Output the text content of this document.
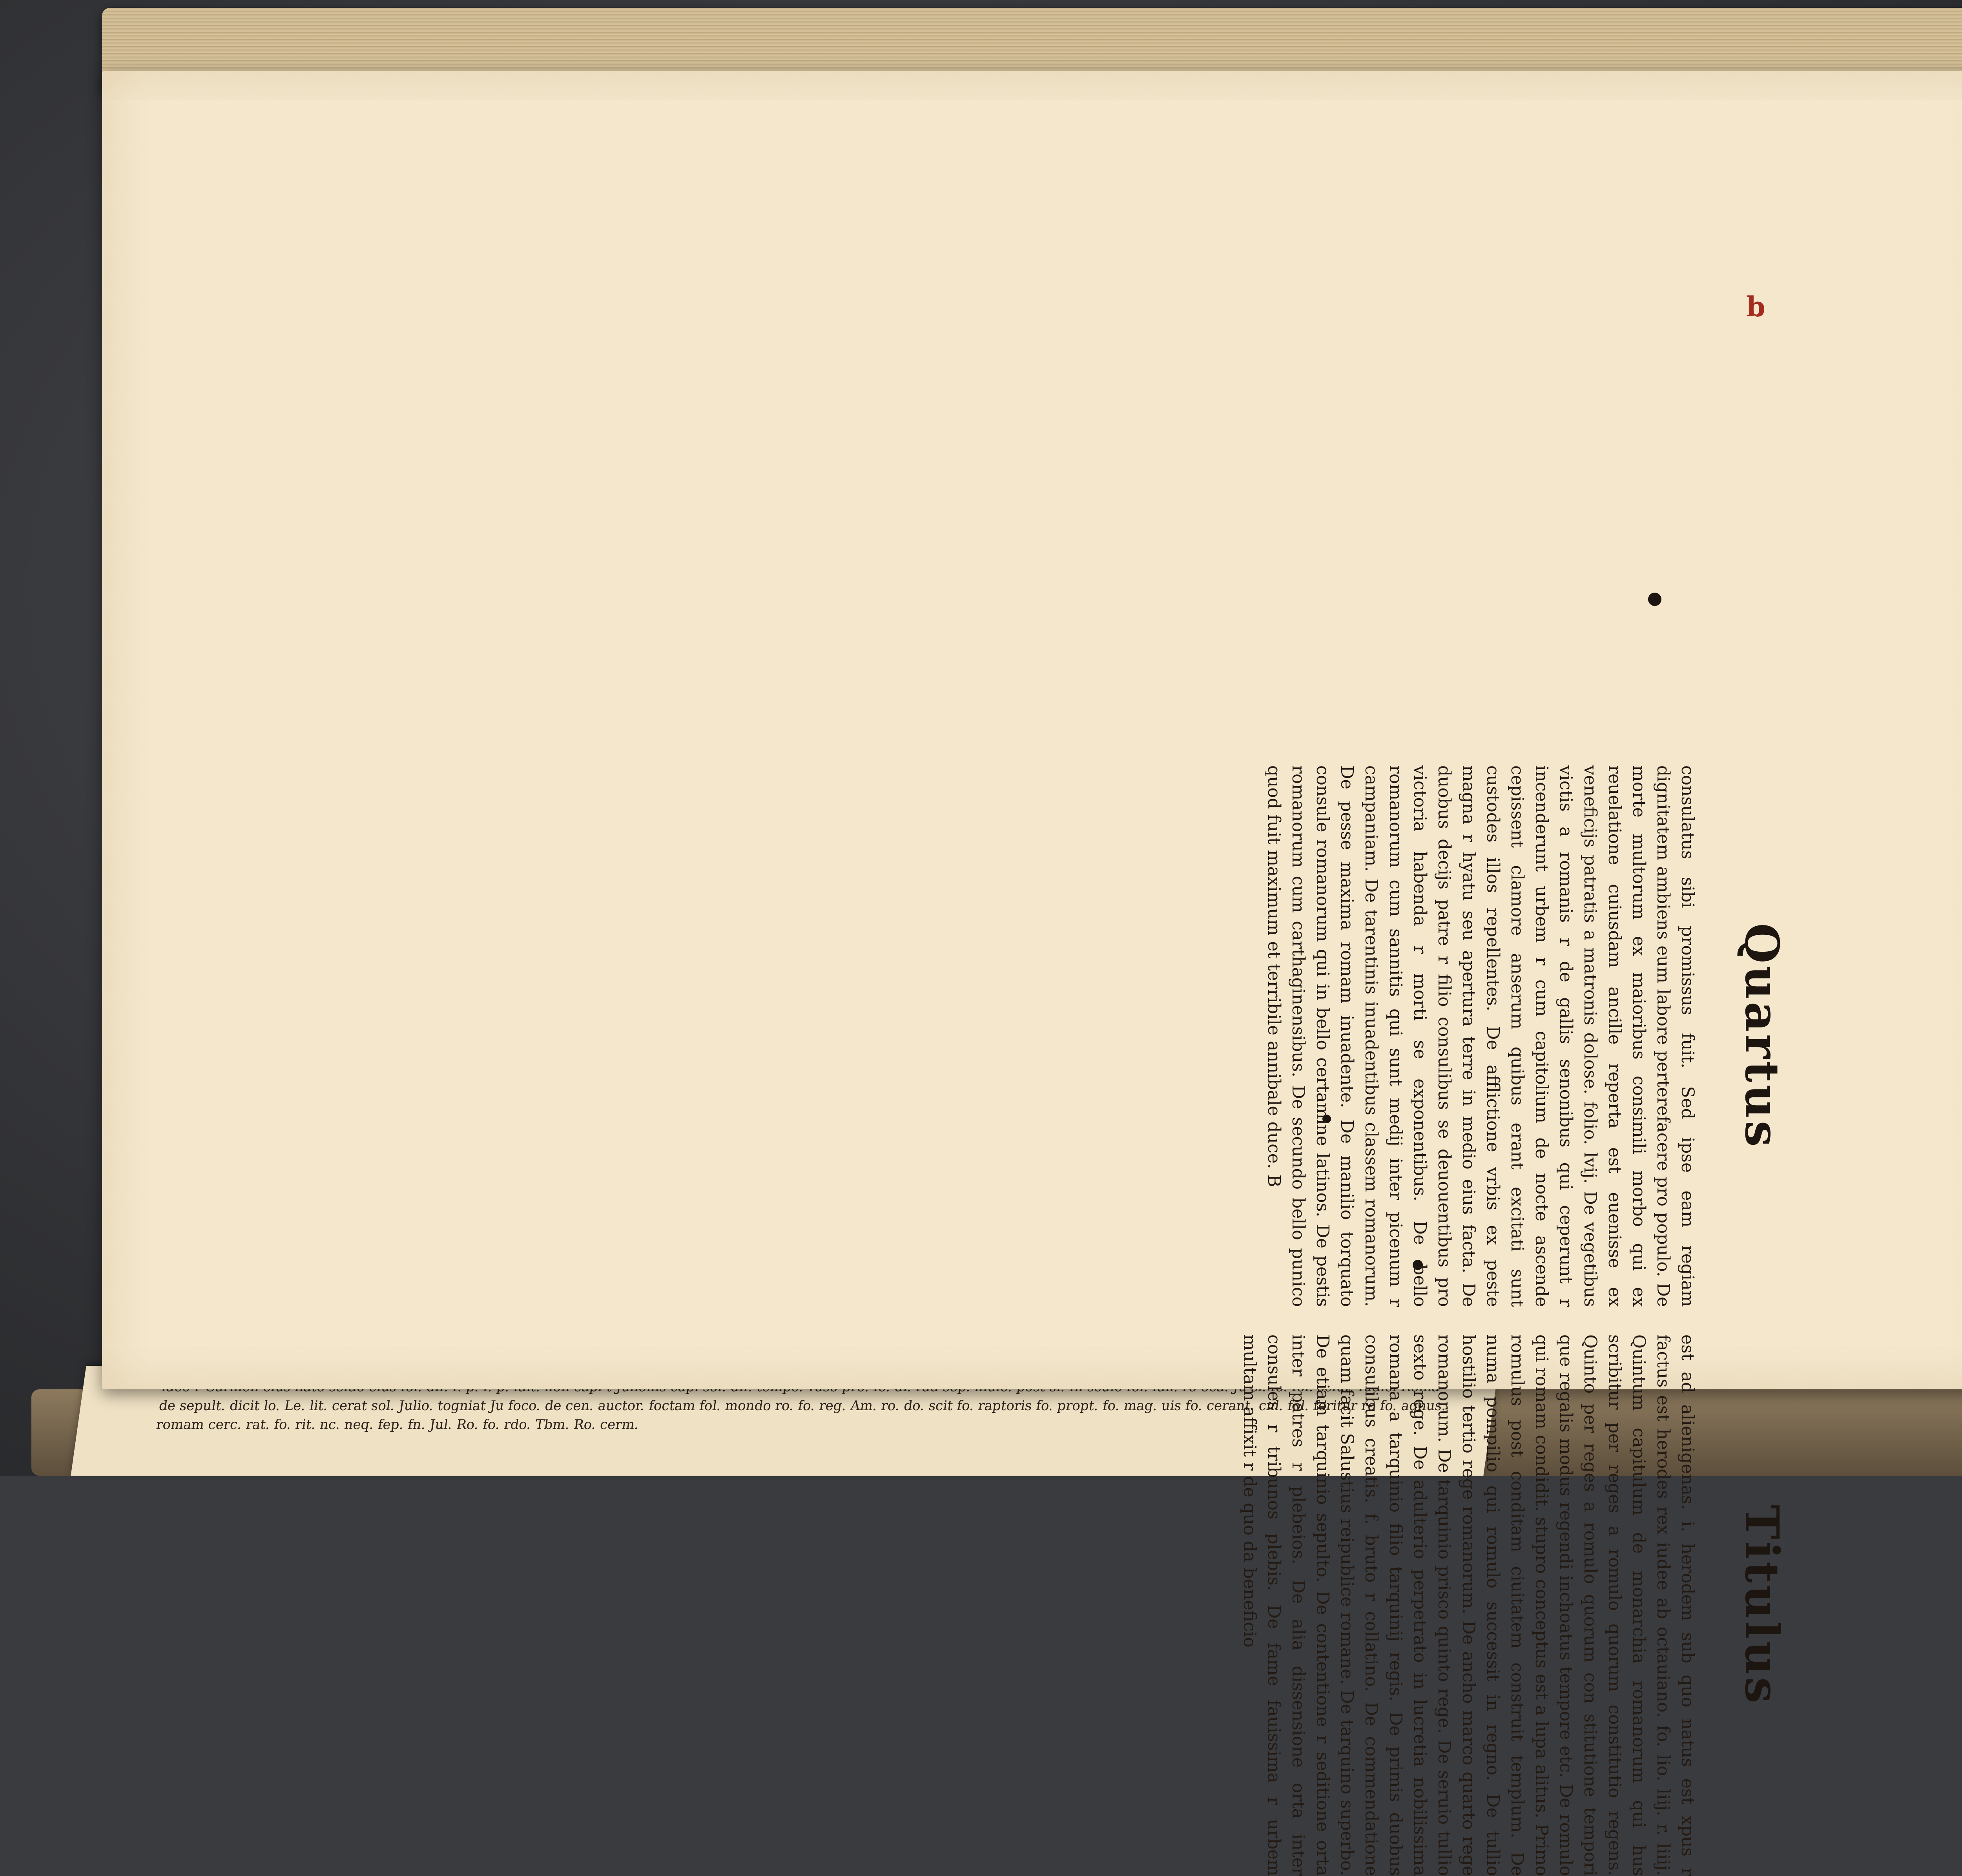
de sepult. dicit lo. Le. lit. cerat sol. Julio. togniat Ju foco. de cen. auctor. foctam fol. mondo ro. fo. reg. Am. ro. do. scit fo. raptoris fo. propt. fo. mag. uis fo. cerant. cnl. fol. feritur ro fo. agnus. romam cerc. rat. fo. rit. nc. neq. fep. fn. Jul. Ro. fo. rdo. Tbm. Ro. cerm.
Titulus

est ad alienigenas. i. herodem sub quo natus est xpus r factus est herodes rex iudee ab octauiano. fo. lio. liij. r. liiij. Quintum capitulum de monarchia romanorum qui hus scribitur per reges a romulo quorum constitutio regens. Quinto per reges a romulo quorum con stitutione tempori que regalis modus regendi inchoatus tempore etc. De romulo qui romam condidit. stupro conceptus est a lupa alitus. Primo romulus post conditam ciuitatem construit templum. De numa pompilio qui romulo successit in regno. De tullio hostilio tertio rege romanorum. De ancho marco quarto rege romanorum. De tarquinio prisco quinto rege. De seruio tullio sexto rege. De adulterio perpetrato in lucretia nobilissima romana a tarquinio filio tarquinij regis. De primis duobus consulibus creatis. f. bruto r collatino. De commendatione quam facit Salustius reipublice romane. De tarquino superbo. De etiam tarquinio sepulto. De contentione r seditione orta inter patres r plebeios. De alia dissensione orta inter consules r tribunos plebis. De fame fauissima r urbem multam affixit r de quo da beneficio

Quartus

consulatus sibi promissus fuit. Sed ipse eam regiam dignitatem ambiens eum labore perterefacere pro populo. De morte multorum ex maioribus consimili morbo qui ex reuelatione cuiusdam ancille reperta est euenisse ex veneficijs patratis a matronis dolose. folio. lvij. De vegetibus victis a romanis r de gallis senonibus qui ceperunt r incenderunt urbem r cum capitolium de nocte ascende cepissent clamore anserum quibus erant excitati sunt custodes illos repellentes. De afflictione vrbis ex peste magna r hyatu seu apertura terre in medio eius facta. De duobus decijs patre r filio consulibus se deuouentibus pro victoria habenda r morti se exponentibus. De bello romanorum cum sannitis qui sunt medij inter picenum r campaniam. De tarentinis inuadentibus classem romanorum. De pesse maxima romam inuadente. De manilio torquato consule romanorum qui in bello certamine latinos. De pestis romanorum cum carthaginensibus. De secundo bello punico quod fuit maximum et terribile annibale duce. B

b
